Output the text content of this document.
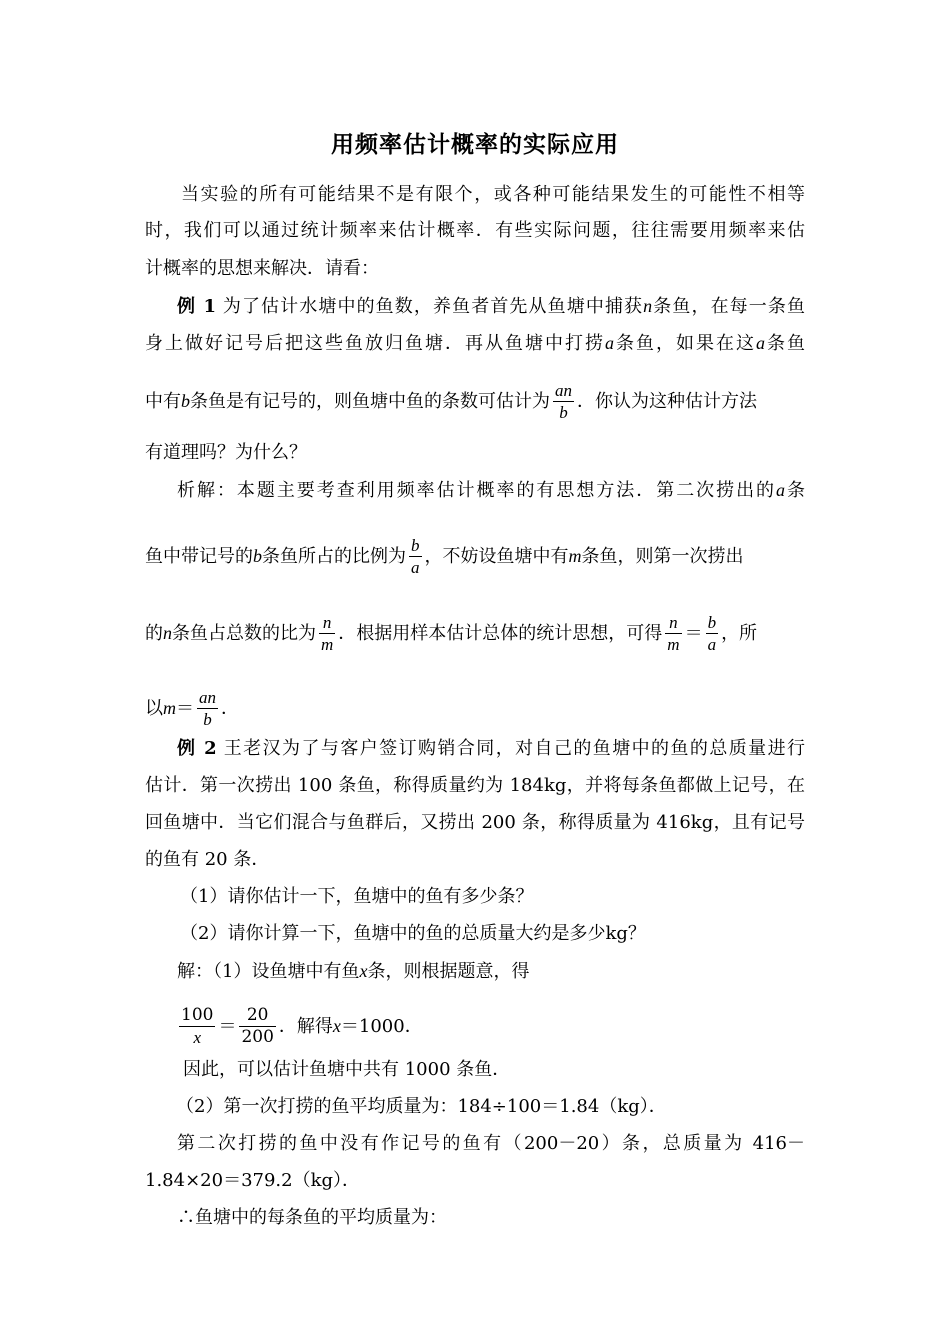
用频率估计概率的实际应用
当实验的所有可能结果不是有限个，或各种可能结果发生的可能性不相等
时，我们可以通过统计频率来估计概率．有些实际问题，往往需要用频率来估
计概率的思想来解决．请看：
例 1 为了估计水塘中的鱼数，养鱼者首先从鱼塘中捕获n条鱼，在每一条鱼
身上做好记号后把这些鱼放归鱼塘．再从鱼塘中打捞a条鱼，如果在这a条鱼
中有b条鱼是有记号的，则鱼塘中鱼的条数可估计为 $\frac{an}{b}$ ．你认为这种估计方法
有道理吗？为什么？
析解：本题主要考查利用频率估计概率的有思想方法．第二次捞出的a条
鱼中带记号的b条鱼所占的比例为 $\frac{b}{a}$ ，不妨设鱼塘中有m条鱼，则第一次捞出
的n条鱼占总数的比为 $\frac{n}{m}$ ．根据用样本估计总体的统计思想，可得 $\frac{n}{m} = \frac{b}{a}$ ，所
以$m= \frac{an}{b}$ ．
例 2 王老汉为了与客户签订购销合同，对自己的鱼塘中的鱼的总质量进行
估计．第一次捞出 100 条鱼，称得质量约为 184kg，并将每条鱼都做上记号，在
回鱼塘中．当它们混合与鱼群后，又捞出 200 条，称得质量为 416kg，且有记号
的鱼有 20 条．
（1）请你估计一下，鱼塘中的鱼有多少条？
（2）请你计算一下，鱼塘中的鱼的总质量大约是多少kg？
解：（1）设鱼塘中有鱼x条，则根据题意，得
$\frac{100}{x} = \frac{20}{200}$ ．解得x＝1000．
因此，可以估计鱼塘中共有 1000 条鱼．
（2）第一次打捞的鱼平均质量为：184÷100＝1.84（kg）．
第二次打捞的鱼中没有作记号的鱼有（200－20）条，总质量为 416－
1.84×20＝379.2（kg）．
∴鱼塘中的每条鱼的平均质量为：
